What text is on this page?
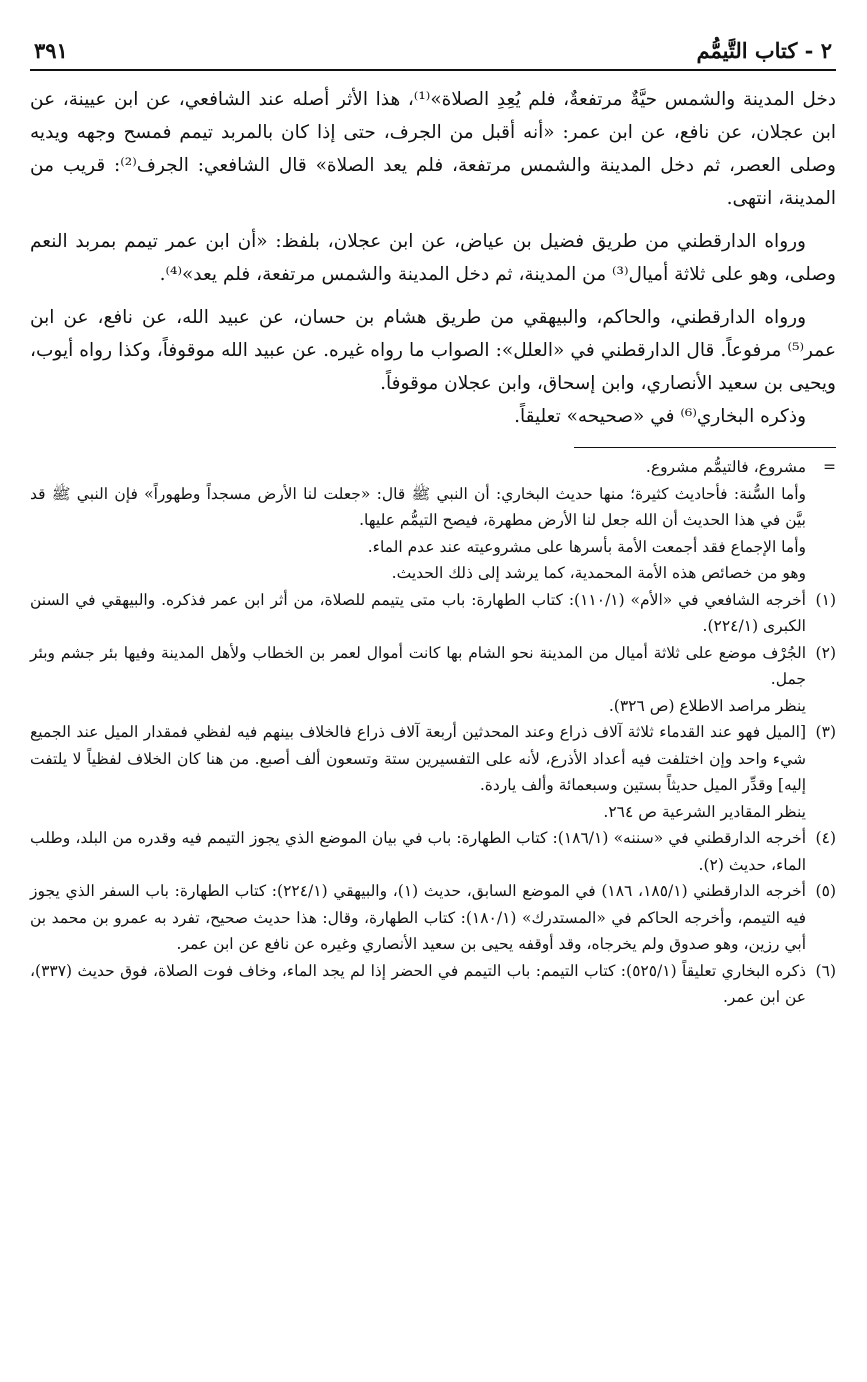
٢ - كتاب التَّيمُّم
٣٩١

دخل المدينة والشمس حيَّةٌ مرتفعةٌ، فلم يُعِدِ الصلاة»⁽¹⁾، هذا الأثر أصله عند الشافعي، عن ابن عيينة، عن ابن عجلان، عن نافع، عن ابن عمر: «أنه أقبل من الجرف، حتى إذا كان بالمربد تيمم فمسح وجهه ويديه وصلى العصر، ثم دخل المدينة والشمس مرتفعة، فلم يعد الصلاة» قال الشافعي: الجرف⁽²⁾: قريب من المدينة، انتهى.

ورواه الدارقطني من طريق فضيل بن عياض، عن ابن عجلان، بلفظ: «أن ابن عمر تيمم بمربد النعم وصلى، وهو على ثلاثة أميال⁽³⁾ من المدينة، ثم دخل المدينة والشمس مرتفعة، فلم يعد»⁽⁴⁾.

ورواه الدارقطني، والحاكم، والبيهقي من طريق هشام بن حسان، عن عبيد الله، عن نافع، عن ابن عمر⁽⁵⁾ مرفوعاً. قال الدارقطني في «العلل»: الصواب ما رواه غيره. عن عبيد الله موقوفاً، وكذا رواه أيوب، ويحيى بن سعيد الأنصاري، وابن إسحاق، وابن عجلان موقوفاً.

وذكره البخاري⁽⁶⁾ في «صحيحه» تعليقاً.

=

مشروع، فالتيمُّم مشروع.

وأما السُّنة: فأحاديث كثيرة؛ منها حديث البخاري: أن النبي ﷺ قال: «جعلت لنا الأرض مسجداً وطهوراً» فإن النبي ﷺ قد بيَّن في هذا الحديث أن الله جعل لنا الأرض مطهرة، فيصح التيمُّم عليها.

وأما الإجماع فقد أجمعت الأمة بأسرها على مشروعيته عند عدم الماء.

وهو من خصائص هذه الأمة المحمدية، كما يرشد إلى ذلك الحديث.

(١)

أخرجه الشافعي في «الأم» (١١٠/١): كتاب الطهارة: باب متى يتيمم للصلاة، من أثر ابن عمر فذكره. والبيهقي في السنن الكبرى (٢٢٤/١).

(٢)

الجُرْف موضع على ثلاثة أميال من المدينة نحو الشام بها كانت أموال لعمر بن الخطاب ولأهل المدينة وفيها بئر جشم وبئر جمل.

ينظر مراصد الاطلاع (ص ٣٢٦).

(٣)

[الميل فهو عند القدماء ثلاثة آلاف ذراع وعند المحدثين أربعة آلاف ذراع فالخلاف بينهم فيه لفظي فمقدار الميل عند الجميع شيء واحد وإن اختلفت فيه أعداد الأذرع، لأنه على التفسيرين ستة وتسعون ألف أصبع. من هنا كان الخلاف لفظياً لا يلتفت إليه] وقدِّر الميل حديثاً بستين وسبعمائة وألف ياردة.

ينظر المقادير الشرعية ص ٢٦٤.

(٤)

أخرجه الدارقطني في «سننه» (١٨٦/١): كتاب الطهارة: باب في بيان الموضع الذي يجوز التيمم فيه وقدره من البلد، وطلب الماء، حديث (٢).

(٥)

أخرجه الدارقطني (١٨٥/١، ١٨٦) في الموضع السابق، حديث (١)، والبيهقي (٢٢٤/١): كتاب الطهارة: باب السفر الذي يجوز فيه التيمم، وأخرجه الحاكم في «المستدرك» (١٨٠/١): كتاب الطهارة، وقال: هذا حديث صحيح، تفرد به عمرو بن محمد بن أبي رزين، وهو صدوق ولم يخرجاه، وقد أوقفه يحيى بن سعيد الأنصاري وغيره عن نافع عن ابن عمر.

(٦)

ذكره البخاري تعليقاً (٥٢٥/١): كتاب التيمم: باب التيمم في الحضر إذا لم يجد الماء، وخاف فوت الصلاة، فوق حديث (٣٣٧)، عن ابن عمر.
